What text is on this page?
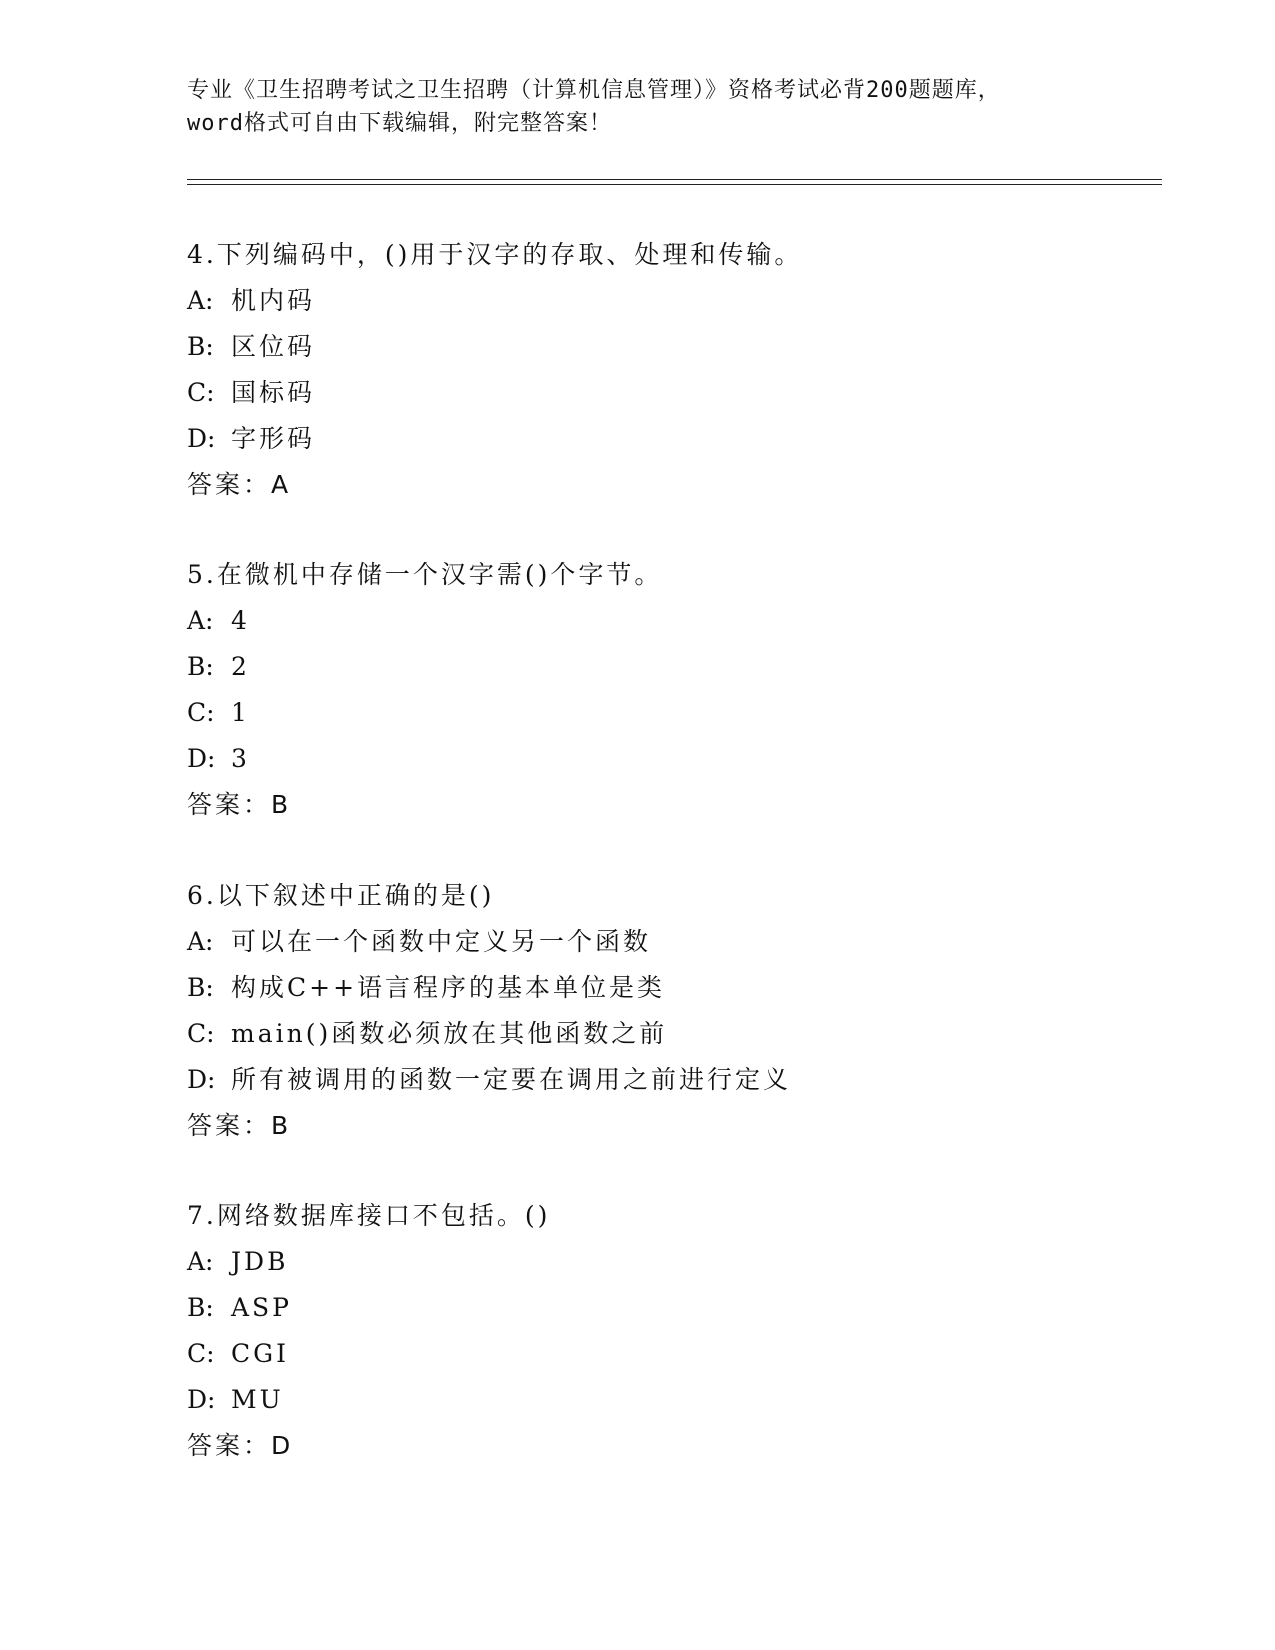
专业《卫生招聘考试之卫生招聘（计算机信息管理）》资格考试必背200题题库，
word格式可自由下载编辑，附完整答案！
4.下列编码中，()用于汉字的存取、处理和传输。
A: 机内码
B: 区位码
C: 国标码
D: 字形码
答案：A
5.在微机中存储一个汉字需()个字节。
A: 4
B: 2
C: 1
D: 3
答案：B
6.以下叙述中正确的是()
A: 可以在一个函数中定义另一个函数
B: 构成C++语言程序的基本单位是类
C: main()函数必须放在其他函数之前
D: 所有被调用的函数一定要在调用之前进行定义
答案：B
7.网络数据库接口不包括。()
A: JDB
B: ASP
C: CGI
D: MU
答案：D
